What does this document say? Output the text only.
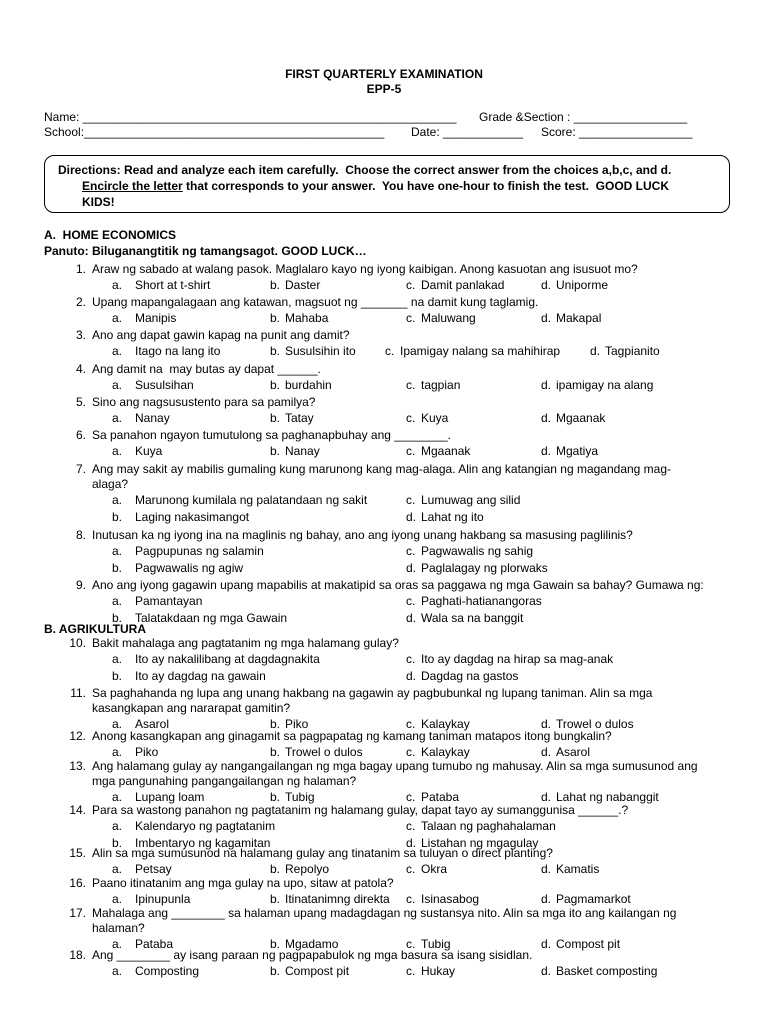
FIRST QUARTERLY EXAMINATION
EPP-5
Name: ________________________________________________________ Grade &Section : _________________
School:_____________________________________________ Date: ____________ Score: _________________
Directions: Read and analyze each item carefully.  Choose the correct answer from the choices a,b,c, and d.
Encircle the letter that corresponds to your answer.  You have one-hour to finish the test.  GOOD LUCK
KIDS!
A.  HOME ECONOMICS
Panuto: Biluganangtitik ng tamangsagot. GOOD LUCK…
1. Araw ng sabado at walang pasok. Maglalaro kayo ng iyong kaibigan. Anong kasuotan ang isusuot mo?
a. Short at t-shirt	b. Daster	c. Damit panlakad	d. Uniporme
2. Upang mapangalagaan ang katawan, magsuot ng _______ na damit kung taglamig.
a. Manipis	b. Mahaba	c. Maluwang	d. Makapal
3. Ano ang dapat gawin kapag na punit ang damit?
a. Itago na lang ito	b. Susulsihin ito c. Ipamigay nalang sa mahihirap d. Tagpianito
4. Ang damit na  may butas ay dapat ______.
a. Susulsihan	b. burdahin	c. tagpian	d. ipamigay na alang
5. Sino ang nagsusustento para sa pamilya?
a. Nanay	b. Tatay	c. Kuya	d. Mgaanak
6. Sa panahon ngayon tumutulong sa paghanapbuhay ang ________.
a. Kuya	b. Nanay	c. Mgaanak	d. Mgatiya
7. Ang may sakit ay mabilis gumaling kung marunong kang mag-alaga. Alin ang katangian ng magandang mag-
alaga?
a. Marunong kumilala ng palatandaan ng sakit	c. Lumuwag ang silid
b. Laging nakasimangot	d. Lahat ng ito
8. Inutusan ka ng iyong ina na maglinis ng bahay, ano ang iyong unang hakbang sa masusing paglilinis?
a. Pagpupunas ng salamin	c. Pagwawalis ng sahig
b. Pagwawalis ng agiw	d. Paglalagay ng plorwaks
9. Ano ang iyong gagawin upang mapabilis at makatipid sa oras sa paggawa ng mga Gawain sa bahay? Gumawa ng:
a. Pamantayan	c. Paghati-hatianangoras
b. Talatakdaan ng mga Gawain	d. Wala sa na banggit
10. Bakit mahalaga ang pagtatanim ng mga halamang gulay?
a. Ito ay nakalilibang at dagdagnakita	c. Ito ay dagdag na hirap sa mag-anak
b. Ito ay dagdag na gawain	d. Dagdag na gastos
11. Sa paghahanda ng lupa ang unang hakbang na gagawin ay pagbubunkal ng lupang taniman. Alin sa mga
kasangkapan ang nararapat gamitin?
a. Asarol	b. Piko	c. Kalaykay	d. Trowel o dulos
12. Anong kasangkapan ang ginagamit sa pagpapatag ng kamang taniman matapos itong bungkalin?
a. Piko	b. Trowel o dulos	c. Kalaykay	d. Asarol
13. Ang halamang gulay ay nangangailangan ng mga bagay upang tumubo ng mahusay. Alin sa mga sumusunod ang
mga pangunahing pangangailangan ng halaman?
a. Lupang loam	b. Tubig	c. Pataba	d. Lahat ng nabanggit
14. Para sa wastong panahon ng pagtatanim ng halamang gulay, dapat tayo ay sumanggunisa ______.?
a. Kalendaryo ng pagtatanim	c. Talaan ng paghahalaman
b. Imbentaryo ng kagamitan	d. Listahan ng mgagulay
15. Alin sa mga sumusunod na halamang gulay ang tinatanim sa tuluyan o direct planting?
a. Petsay	b. Repolyo	c. Okra	d. Kamatis
16. Paano itinatanim ang mga gulay na upo, sitaw at patola?
a. Ipinupunla	b. Itinatanimng direkta c. Isinasabog	d. Pagmamarkot
17. Mahalaga ang ________ sa halaman upang madagdagan ng sustansya nito. Alin sa mga ito ang kailangan ng
halaman?
a. Pataba	b. Mgadamo	c. Tubig	d. Compost pit
18. Ang ________ ay isang paraan ng pagpapabulok ng mga basura sa isang sisidlan.
a. Composting	b. Compost pit	c. Hukay	d. Basket composting
B. AGRIKULTURA
